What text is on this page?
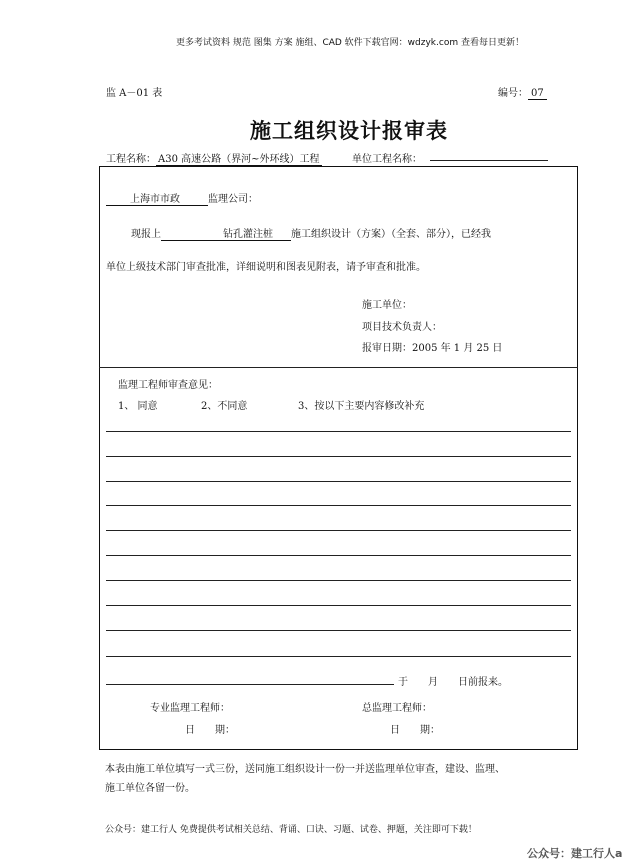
更多考试资料 规范 图集 方案 施组、CAD 软件下载官网：wdzyk.com 查看每日更新！
监 A－01 表	编号： 07
施工组织设计报审表
工程名称： A30 高速公路（界河~外环线）工程	单位工程名称：
上海市市政	监理公司：
现报上	钻孔灌注桩 施工组织设计（方案）（全套、部分），已经我
单位上级技术部门审查批准，详细说明和图表见附表，请予审查和批准。
施工单位：
项目技术负责人：
报审日期：2005 年 1 月 25 日
监理工程师审查意见：
1、 同意	2、不同意	3、按以下主要内容修改补充
于　　月　　日前报来。
专业监理工程师：	总监理工程师：
日　　期：	日　　期：
本表由施工单位填写一式三份，送同施工组织设计一份一并送监理单位审查，建设、监理、
施工单位各留一份。
公众号：建工行人 免费提供考试相关总结、背诵、口诀、习题、试卷、押题，关注即可下载！
公众号：建工行人a
